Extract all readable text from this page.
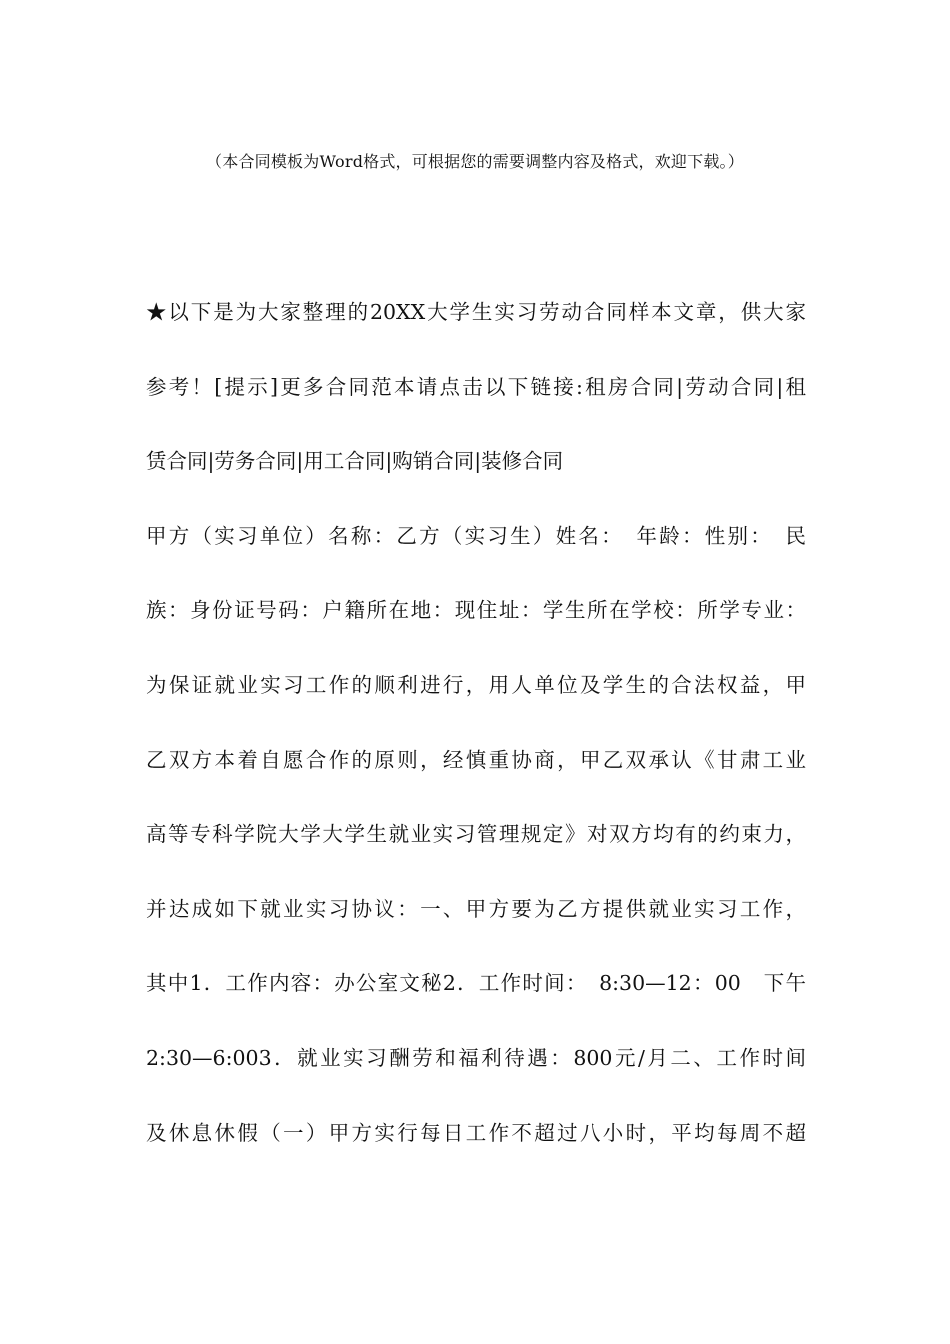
（本合同模板为Word格式，可根据您的需要调整内容及格式，欢迎下载。）
★以下是为大家整理的20XX大学生实习劳动合同样本文章，供大家
参考！[提示]更多合同范本请点击以下链接:租房合同|劳动合同|租
赁合同|劳务合同|用工合同|购销合同|装修合同
甲方（实习单位）名称：乙方（实习生）姓名：　年龄：性别：　民
族：身份证号码：户籍所在地：现住址：学生所在学校：所学专业：
为保证就业实习工作的顺利进行，用人单位及学生的合法权益，甲
乙双方本着自愿合作的原则，经慎重协商，甲乙双承认《甘肃工业
高等专科学院大学大学生就业实习管理规定》对双方均有的约束力，
并达成如下就业实习协议：一、甲方要为乙方提供就业实习工作，
其中1．工作内容：办公室文秘2．工作时间：　8:30—12：00　下午
2:30—6:003．就业实习酬劳和福利待遇：800元/月二、工作时间
及休息休假（一）甲方实行每日工作不超过八小时，平均每周不超
